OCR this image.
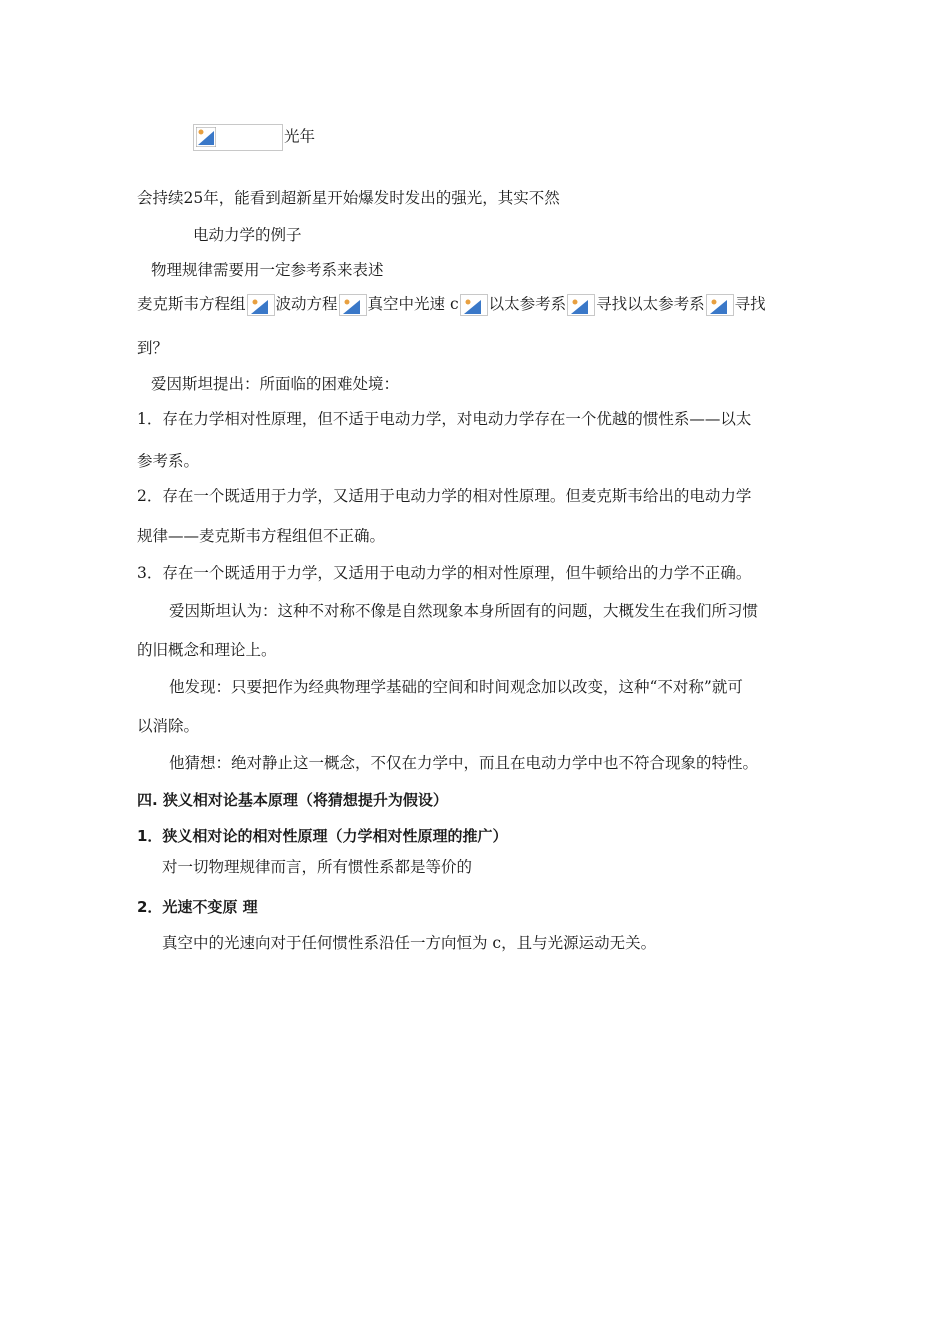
光年
会持续25年，能看到超新星开始爆发时发出的强光，其实不然
电动力学的例子
物理规律需要用一定参考系来表述
麦克斯韦方程组 波动方程 真空中光速 c 以太参考系 寻找以太参考系 寻找
到？
爱因斯坦提出：所面临的困难处境：
1．存在力学相对性原理，但不适于电动力学，对电动力学存在一个优越的惯性系——以太
参考系。
2．存在一个既适用于力学，又适用于电动力学的相对性原理。但麦克斯韦给出的电动力学
规律——麦克斯韦方程组但不正确。
3．存在一个既适用于力学，又适用于电动力学的相对性原理，但牛顿给出的力学不正确。
爱因斯坦认为：这种不对称不像是自然现象本身所固有的问题，大概发生在我们所习惯
的旧概念和理论上。
他发现：只要把作为经典物理学基础的空间和时间观念加以改变，这种“不对称”就可
以消除。
他猜想：绝对静止这一概念，不仅在力学中，而且在电动力学中也不符合现象的特性。
四. 狭义相对论基本原理（将猜想提升为假设）
1．狭义相对论的相对性原理（力学相对性原理的推广）
对一切物理规律而言，所有惯性系都是等价的
2．光速不变原 理
真空中的光速向对于任何惯性系沿任一方向恒为 c，且与光源运动无关。
